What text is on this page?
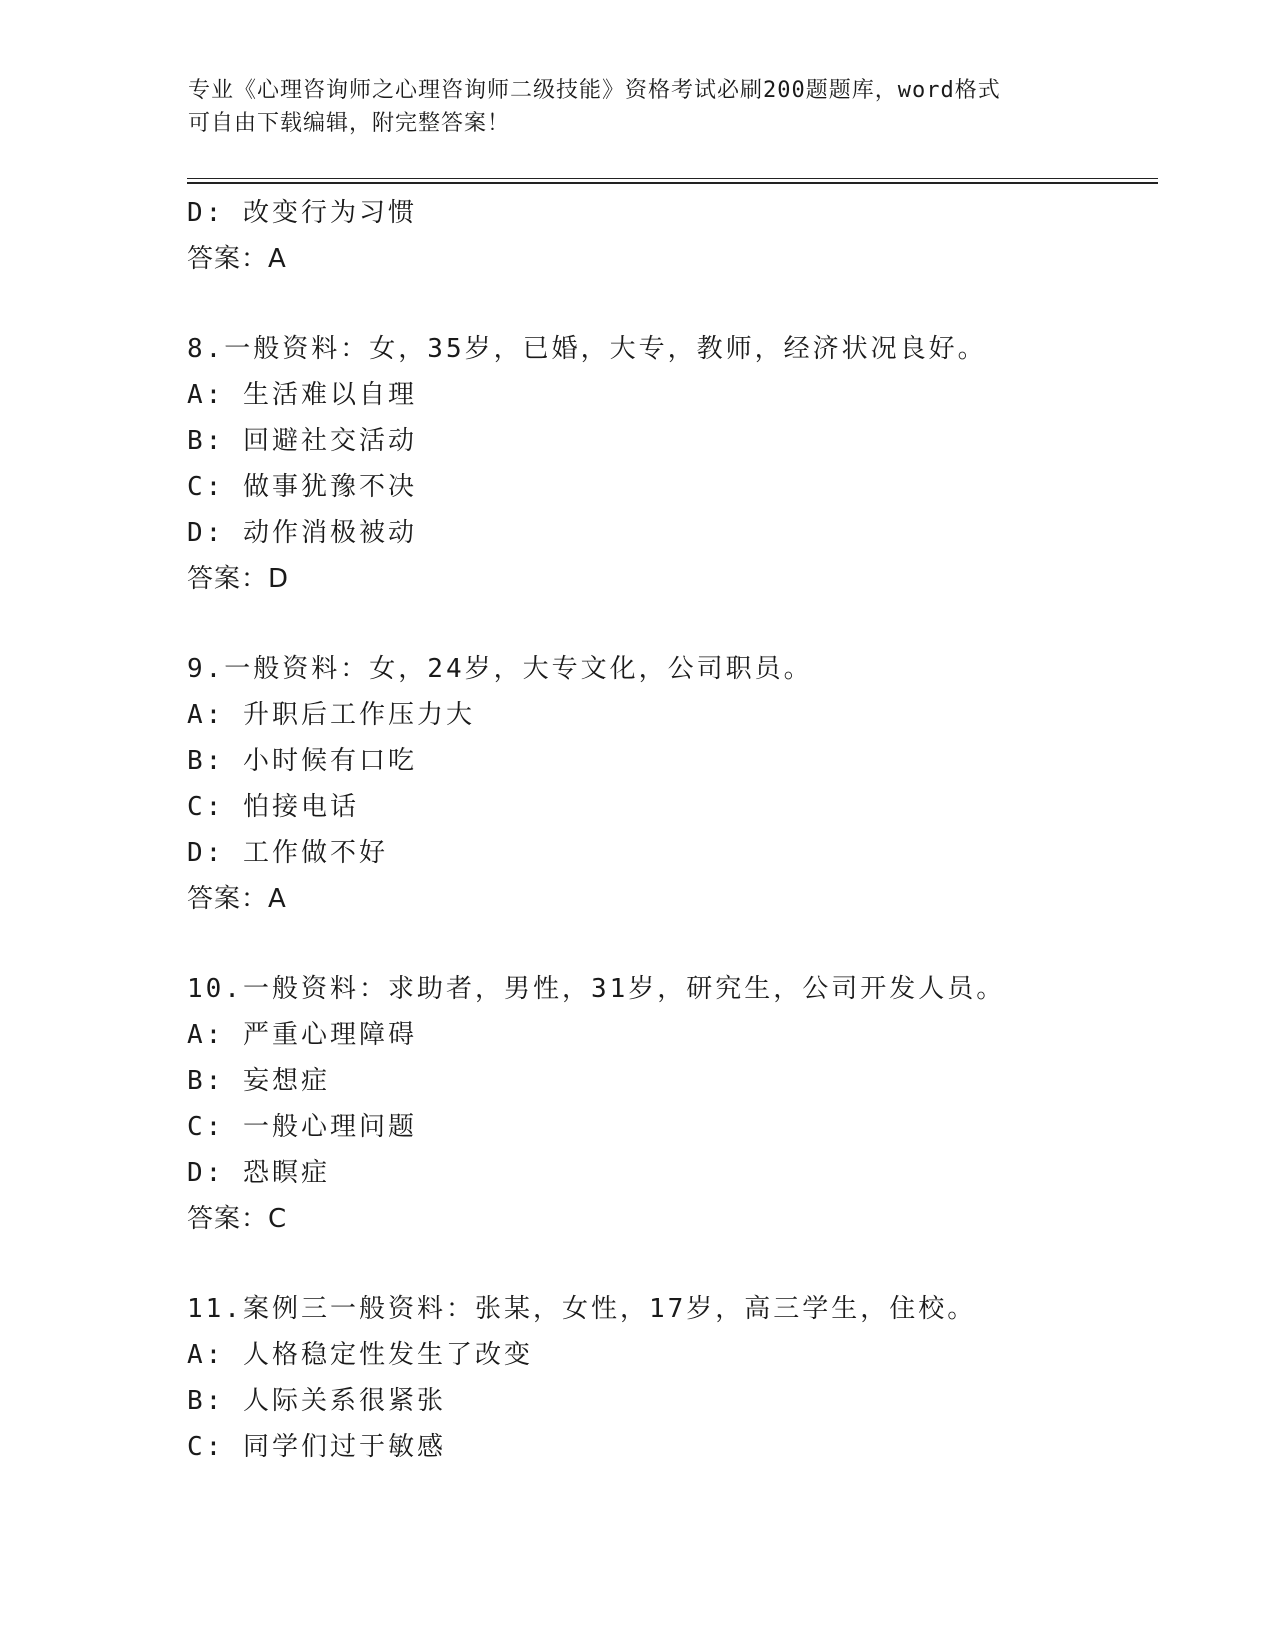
专业《心理咨询师之心理咨询师二级技能》资格考试必刷200题题库，word格式
可自由下载编辑，附完整答案！
D: 改变行为习惯
答案：A
8.一般资料：女，35岁，已婚，大专，教师，经济状况良好。
A: 生活难以自理
B: 回避社交活动
C: 做事犹豫不决
D: 动作消极被动
答案：D
9.一般资料：女，24岁，大专文化，公司职员。
A: 升职后工作压力大
B: 小时候有口吃
C: 怕接电话
D: 工作做不好
答案：A
10.一般资料：求助者，男性，31岁，研究生，公司开发人员。
A: 严重心理障碍
B: 妄想症
C: 一般心理问题
D: 恐瞑症
答案：C
11.案例三一般资料：张某，女性，17岁，高三学生，住校。
A: 人格稳定性发生了改变
B: 人际关系很紧张
C: 同学们过于敏感
